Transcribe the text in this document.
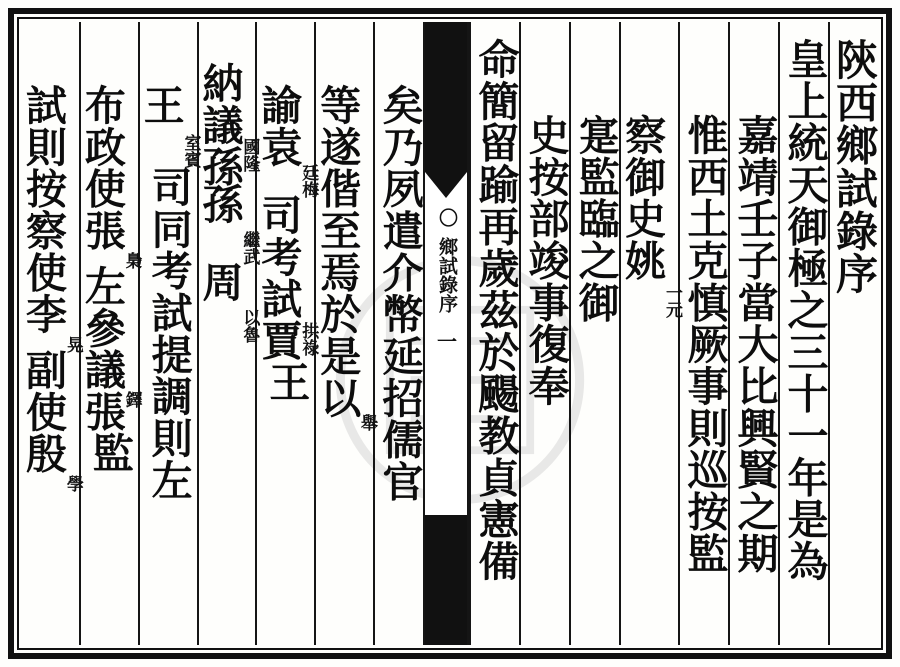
陝西鄉試錄序
皇上統天御極之三十一年是為
嘉靖壬子當大比興賢之期
惟西土克慎厥事則巡按監
察御史姚
一元
寔監臨之御
史按部竣事復奉
命簡留踰再歲茲於颺教貞憲備
〇
鄉試錄序
一
矣乃夙遣介幣延招儒官
等遂偕至焉於是以
舉
諭袁
廷梅
司考試賈
拱祿
王
納議孫
國隆
孫
繼武
周
以魯
王
室賓
司同考試提調則左
布政使張
梟
左參議張
鐸
監
試則按察使李
晃
副使殷
學
